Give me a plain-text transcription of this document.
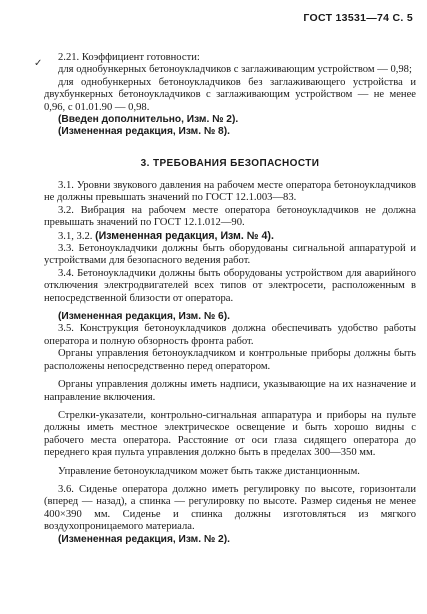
ГОСТ 13531—74 С. 5
✓

2.21. Коэффициент готовности:

для однобункерных бетоноукладчиков с заглаживающим устройством — 0,98;

для однобункерных бетоноукладчиков без заглаживающего устройства и двухбункерных бетоноукладчиков с заглаживающим устройством — не менее 0,96, с 01.01.90 — 0,98.

(Введен дополнительно, Изм. № 2).

(Измененная редакция, Изм. № 8).

3. ТРЕБОВАНИЯ БЕЗОПАСНОСТИ

3.1. Уровни звукового давления на рабочем месте оператора бетоноукладчиков не должны превышать значений по ГОСТ 12.1.003—83.

3.2. Вибрация на рабочем месте оператора бетоноукладчиков не должна превышать значений по ГОСТ 12.1.012—90.

3.1, 3.2. (Измененная редакция, Изм. № 4).

3.3. Бетоноукладчики должны быть оборудованы сигнальной аппаратурой и устройствами для безопасного ведения работ.

3.4. Бетоноукладчики должны быть оборудованы устройством для аварийного отключения электродвигателей всех типов от электросети, расположенным в непосредственной близости от оператора.

(Измененная редакция, Изм. № 6).

3.5. Конструкция бетоноукладчиков должна обеспечивать удобство работы оператора и полную обзорность фронта работ.

Органы управления бетоноукладчиком и контрольные приборы должны быть расположены непосредственно перед оператором.

Органы управления должны иметь надписи, указывающие на их назначение и направление включения.

Стрелки-указатели, контрольно-сигнальная аппаратура и приборы на пульте должны иметь местное электрическое освещение и быть хорошо видны с рабочего места оператора. Расстояние от оси глаза сидящего оператора до переднего края пульта управления должно быть в пределах 300—350 мм.

Управление бетоноукладчиком может быть также дистанционным.

3.6. Сиденье оператора должно иметь регулировку по высоте, горизонтали (вперед — назад), а спинка — регулировку по высоте. Размер сиденья не менее 400×390 мм. Сиденье и спинка должны изготовляться из мягкого воздухопроницаемого материала.

(Измененная редакция, Изм. № 2).
